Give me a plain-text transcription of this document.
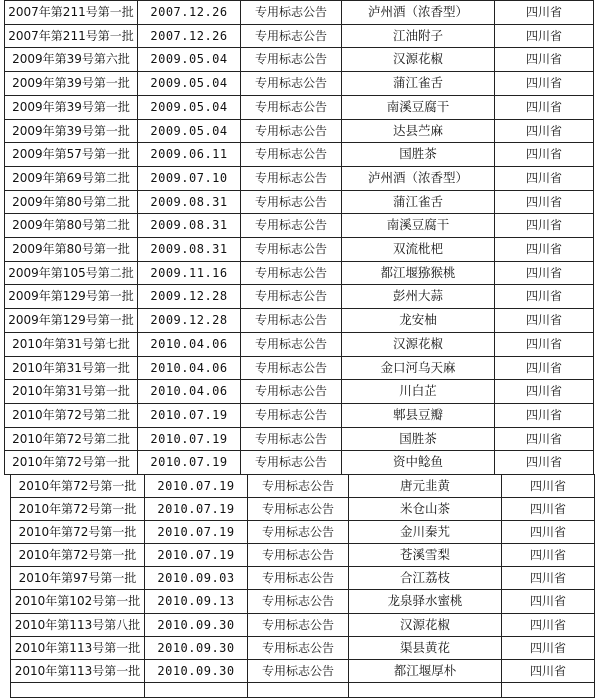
2007年第211号第一批	2007.12.26	专用标志公告	泸州酒（浓香型）	四川省
2007年第211号第一批	2007.12.26	专用标志公告	江油附子	四川省
2009年第39号第六批	2009.05.04	专用标志公告	汉源花椒	四川省
2009年第39号第一批	2009.05.04	专用标志公告	蒲江雀舌	四川省
2009年第39号第一批	2009.05.04	专用标志公告	南溪豆腐干	四川省
2009年第39号第一批	2009.05.04	专用标志公告	达县苎麻	四川省
2009年第57号第一批	2009.06.11	专用标志公告	国胜茶	四川省
2009年第69号第二批	2009.07.10	专用标志公告	泸州酒（浓香型）	四川省
2009年第80号第二批	2009.08.31	专用标志公告	蒲江雀舌	四川省
2009年第80号第二批	2009.08.31	专用标志公告	南溪豆腐干	四川省
2009年第80号第一批	2009.08.31	专用标志公告	双流枇杷	四川省
2009年第105号第二批	2009.11.16	专用标志公告	都江堰猕猴桃	四川省
2009年第129号第一批	2009.12.28	专用标志公告	彭州大蒜	四川省
2009年第129号第一批	2009.12.28	专用标志公告	龙安柚	四川省
2010年第31号第七批	2010.04.06	专用标志公告	汉源花椒	四川省
2010年第31号第一批	2010.04.06	专用标志公告	金口河乌天麻	四川省
2010年第31号第一批	2010.04.06	专用标志公告	川白芷	四川省
2010年第72号第二批	2010.07.19	专用标志公告	郫县豆瓣	四川省
2010年第72号第二批	2010.07.19	专用标志公告	国胜茶	四川省
2010年第72号第一批	2010.07.19	专用标志公告	资中鲶鱼	四川省
2010年第72号第一批	2010.07.19	专用标志公告	唐元韭黄	四川省
2010年第72号第一批	2010.07.19	专用标志公告	米仓山茶	四川省
2010年第72号第一批	2010.07.19	专用标志公告	金川秦艽	四川省
2010年第72号第一批	2010.07.19	专用标志公告	苍溪雪梨	四川省
2010年第97号第一批	2010.09.03	专用标志公告	合江荔枝	四川省
2010年第102号第一批	2010.09.13	专用标志公告	龙泉驿水蜜桃	四川省
2010年第113号第八批	2010.09.30	专用标志公告	汉源花椒	四川省
2010年第113号第一批	2010.09.30	专用标志公告	渠县黄花	四川省
2010年第113号第一批	2010.09.30	专用标志公告	都江堰厚朴	四川省
